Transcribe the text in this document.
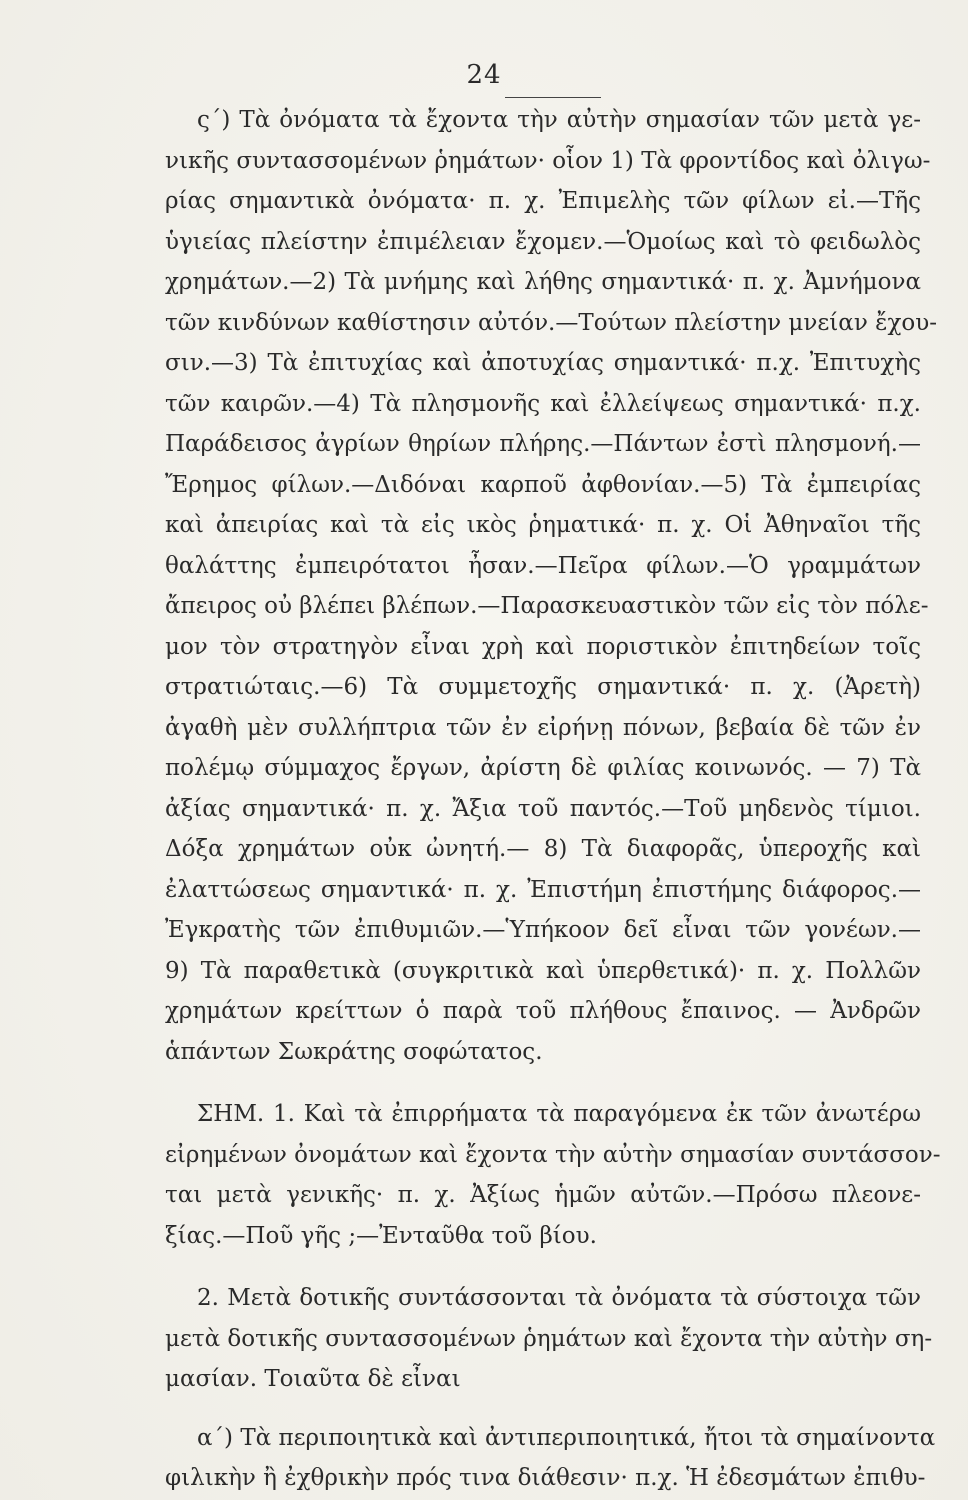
24
ς΄) Τὰ ὀνόματα τὰ ἔχοντα τὴν αὐτὴν σημασίαν τῶν μετὰ γε-
νικῆς συντασσομένων ῥημάτων· οἷον 1) Τὰ φροντίδος καὶ ὀλιγω-
ρίας σημαντικὰ ὀνόματα· π. χ. Ἐπιμελὴς τῶν φίλων εἰ.—Τῆς
ὑγιείας πλείστην ἐπιμέλειαν ἔχομεν.—Ὁμοίως καὶ τὸ φειδωλὸς
χρημάτων.—2) Τὰ μνήμης καὶ λήθης σημαντικά· π. χ. Ἀμνήμονα
τῶν κινδύνων καθίστησιν αὐτόν.—Τούτων πλείστην μνείαν ἔχου-
σιν.—3) Τὰ ἐπιτυχίας καὶ ἀποτυχίας σημαντικά· π.χ. Ἐπιτυχὴς
τῶν καιρῶν.—4) Τὰ πλησμονῆς καὶ ἐλλείψεως σημαντικά· π.χ.
Παράδεισος ἀγρίων θηρίων πλήρης.—Πάντων ἐστὶ πλησμονή.—
Ἔρημος φίλων.—Διδόναι καρποῦ ἀφθονίαν.—5) Τὰ ἐμπειρίας
καὶ ἀπειρίας καὶ τὰ εἰς ικὸς ῥηματικά· π. χ. Οἱ Ἀθηναῖοι τῆς
θαλάττης ἐμπειρότατοι ἦσαν.—Πεῖρα φίλων.—Ὁ γραμμάτων
ἄπειρος οὐ βλέπει βλέπων.—Παρασκευαστικὸν τῶν εἰς τὸν πόλε-
μον τὸν στρατηγὸν εἶναι χρὴ καὶ ποριστικὸν ἐπιτηδείων τοῖς
στρατιώταις.—6) Τὰ συμμετοχῆς σημαντικά· π. χ. (Ἀρετὴ)
ἀγαθὴ μὲν συλλήπτρια τῶν ἐν εἰρήνῃ πόνων, βεβαία δὲ τῶν ἐν
πολέμῳ σύμμαχος ἔργων, ἀρίστη δὲ φιλίας κοινωνός. — 7) Τὰ
ἀξίας σημαντικά· π. χ. Ἄξια τοῦ παντός.—Τοῦ μηδενὸς τίμιοι.
Δόξα χρημάτων οὐκ ὠνητή.— 8) Τὰ διαφορᾶς, ὑπεροχῆς καὶ
ἐλαττώσεως σημαντικά· π. χ. Ἐπιστήμη ἐπιστήμης διάφορος.—
Ἐγκρατὴς τῶν ἐπιθυμιῶν.—Ὑπήκοον δεῖ εἶναι τῶν γονέων.—
9) Τὰ παραθετικὰ (συγκριτικὰ καὶ ὑπερθετικά)· π. χ. Πολλῶν
χρημάτων κρείττων ὁ παρὰ τοῦ πλήθους ἔπαινος. — Ἀνδρῶν
ἁπάντων Σωκράτης σοφώτατος.
ΣΗΜ. 1. Καὶ τὰ ἐπιρρήματα τὰ παραγόμενα ἐκ τῶν ἀνωτέρω
εἰρημένων ὀνομάτων καὶ ἔχοντα τὴν αὐτὴν σημασίαν συντάσσον-
ται μετὰ γενικῆς· π. χ. Ἀξίως ἡμῶν αὐτῶν.—Πρόσω πλεονε-
ξίας.—Ποῦ γῆς ;—Ἐνταῦθα τοῦ βίου.
2. Μετὰ δοτικῆς συντάσσονται τὰ ὀνόματα τὰ σύστοιχα τῶν
μετὰ δοτικῆς συντασσομένων ῥημάτων καὶ ἔχοντα τὴν αὐτὴν ση-
μασίαν. Τοιαῦτα δὲ εἶναι
α΄) Τὰ περιποιητικὰ καὶ ἀντιπεριποιητικά, ἤτοι τὰ σημαίνοντα
φιλικὴν ἢ ἐχθρικὴν πρός τινα διάθεσιν· π.χ. Ἡ ἐδεσμάτων ἐπιθυ-
